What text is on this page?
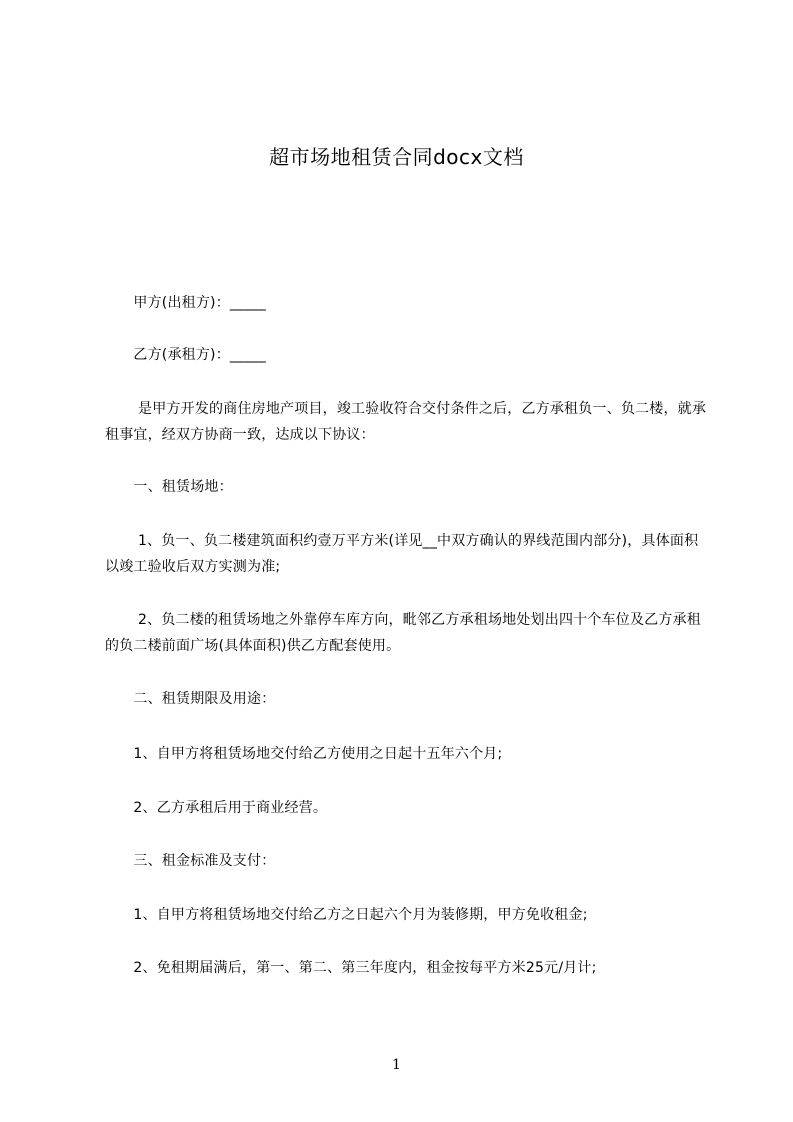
超市场地租赁合同docx文档
　　甲方(出租方)：_____
　　乙方(承租方)：_____
　　 是甲方开发的商住房地产项目，竣工验收符合交付条件之后，乙方承租负一、负二楼，就承租事宜，经双方协商一致，达成以下协议：
　　一、租赁场地：
　　 1、负一、负二楼建筑面积约壹万平方米(详见__中双方确认的界线范围内部分)，具体面积以竣工验收后双方实测为准;
　　 2、负二楼的租赁场地之外靠停车库方向，毗邻乙方承租场地处划出四十个车位及乙方承租的负二楼前面广场(具体面积)供乙方配套使用。
　　二、租赁期限及用途：
　　1、自甲方将租赁场地交付给乙方使用之日起十五年六个月;
　　2、乙方承租后用于商业经营。
　　三、租金标准及支付：
　　1、自甲方将租赁场地交付给乙方之日起六个月为装修期，甲方免收租金;
　　2、免租期届满后，第一、第二、第三年度内，租金按每平方米25元/月计;
1
